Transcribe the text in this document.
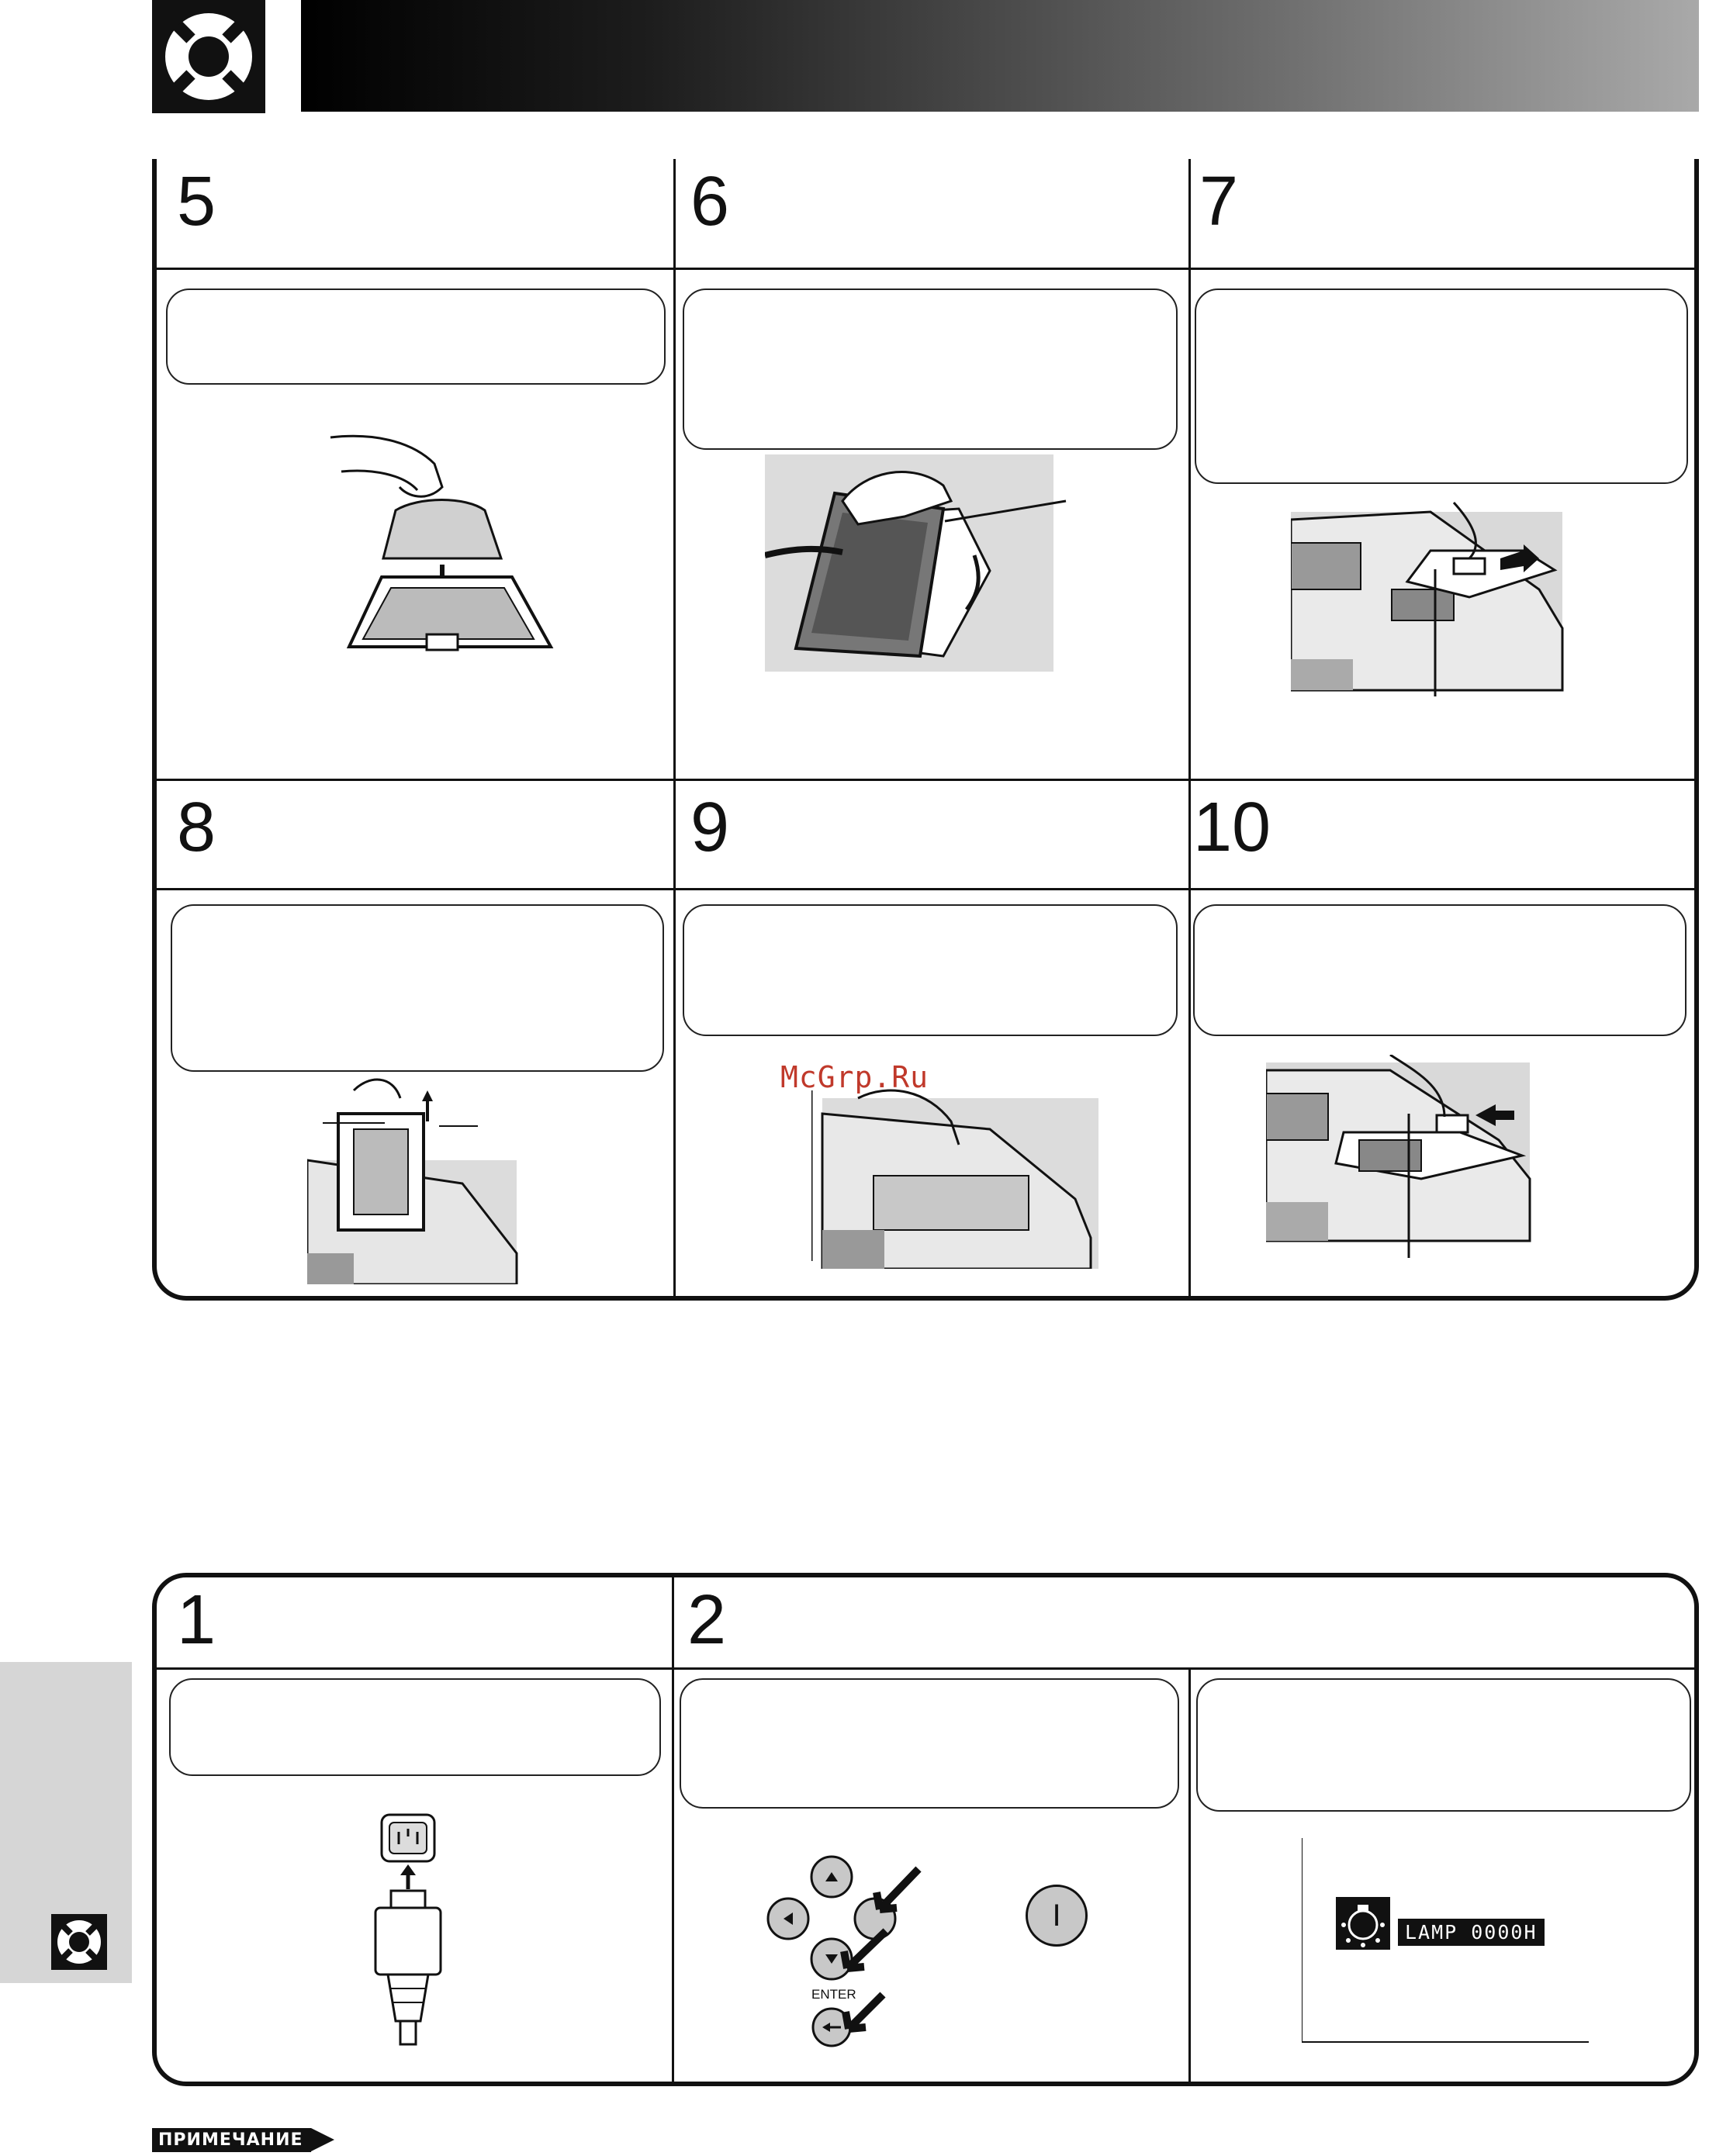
5	6	7
8	9	10
McGrp.Ru
1	2
ENTER
I	LAMP 0000H
ПРИМЕЧАНИЕ
